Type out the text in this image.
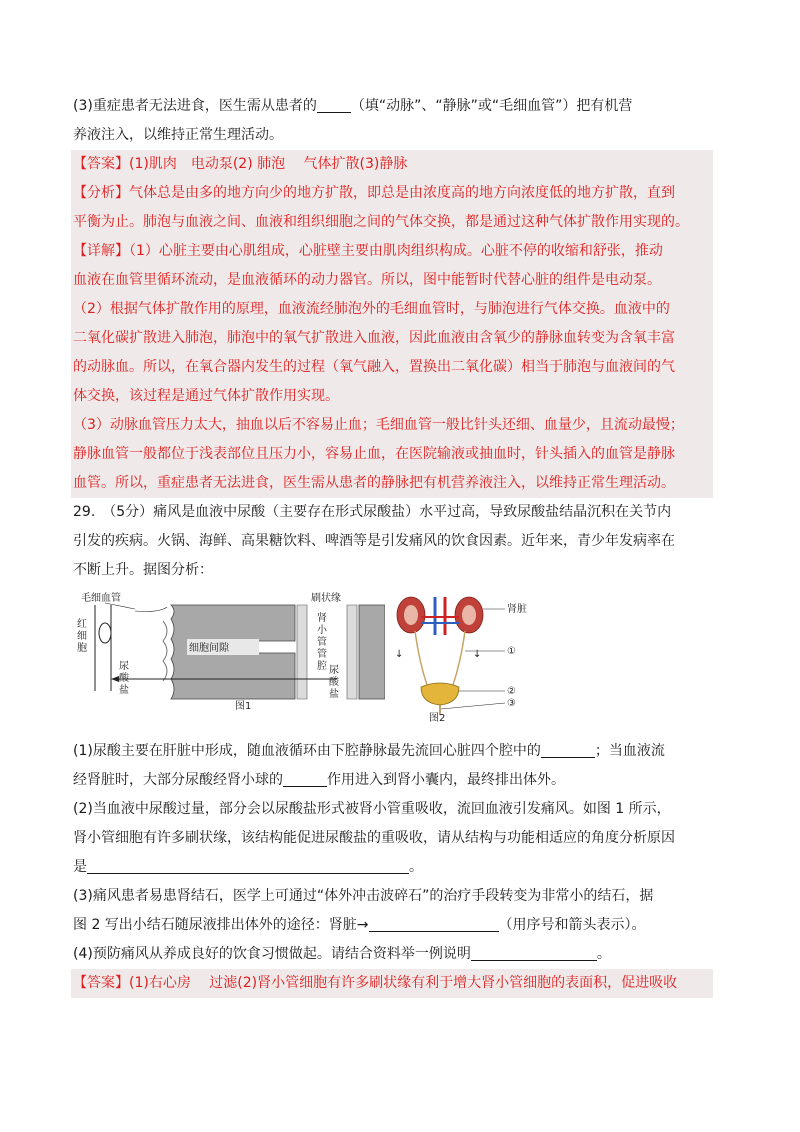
(3)重症患者无法进食，医生需从患者的 （填“动脉”、“静脉”或“毛细血管”）把有机营
养液注入，以维持正常生理活动。
【答案】(1)肌肉　电动泵(2) 肺泡　 气体扩散(3)静脉
【分析】气体总是由多的地方向少的地方扩散，即总是由浓度高的地方向浓度低的地方扩散，直到
平衡为止。肺泡与血液之间、血液和组织细胞之间的气体交换，都是通过这种气体扩散作用实现的。
【详解】（1）心脏主要由心肌组成，心脏壁主要由肌肉组织构成。心脏不停的收缩和舒张，推动
血液在血管里循环流动，是血液循环的动力器官。所以，图中能暂时代替心脏的组件是电动泵。
（2）根据气体扩散作用的原理，血液流经肺泡外的毛细血管时，与肺泡进行气体交换。血液中的
二氧化碳扩散进入肺泡，肺泡中的氧气扩散进入血液，因此血液由含氧少的静脉血转变为含氧丰富
的动脉血。所以，在氧合器内发生的过程（氧气融入，置换出二氧化碳）相当于肺泡与血液间的气
体交换，该过程是通过气体扩散作用实现。
（3）动脉血管压力太大，抽血以后不容易止血；毛细血管一般比针头还细、血量少，且流动最慢；
静脉血管一般都位于浅表部位且压力小，容易止血，在医院输液或抽血时，针头插入的血管是静脉
血管。所以，重症患者无法进食，医生需从患者的静脉把有机营养液注入，以维持正常生理活动。
29.　（5分）痛风是血液中尿酸（主要存在形式尿酸盐）水平过高，导致尿酸盐结晶沉积在关节内
引发的疾病。火锅、海鲜、高果糖饮料、啤酒等是引发痛风的饮食因素。近年来，青少年发病率在
不断上升。据图分析：
毛细血管
红
细
胞	细胞间隙
刷状缘
肾
小
管
管
腔 尿
酸
盐
尿
酸
盐
图1
↓	↓
肾脏
①
②
③
图2
(1)尿酸主要在肝脏中形成，随血液循环由下腔静脉最先流回心脏四个腔中的	；当血液流
经肾脏时，大部分尿酸经肾小球的	作用进入到肾小囊内，最终排出体外。
(2)当血液中尿酸过量，部分会以尿酸盐形式被肾小管重吸收，流回血液引发痛风。如图 1 所示，
肾小管细胞有许多刷状缘，该结构能促进尿酸盐的重吸收，请从结构与功能相适应的角度分析原因
是	。
(3)痛风患者易患肾结石，医学上可通过“体外冲击波碎石”的治疗手段转变为非常小的结石，据
图 2 写出小结石随尿液排出体外的途径：肾脏→	（用序号和箭头表示）。
(4)预防痛风从养成良好的饮食习惯做起。请结合资料举一例说明	。
【答案】(1)右心房　 过滤(2)肾小管细胞有许多刷状缘有利于增大肾小管细胞的表面积，促进吸收
